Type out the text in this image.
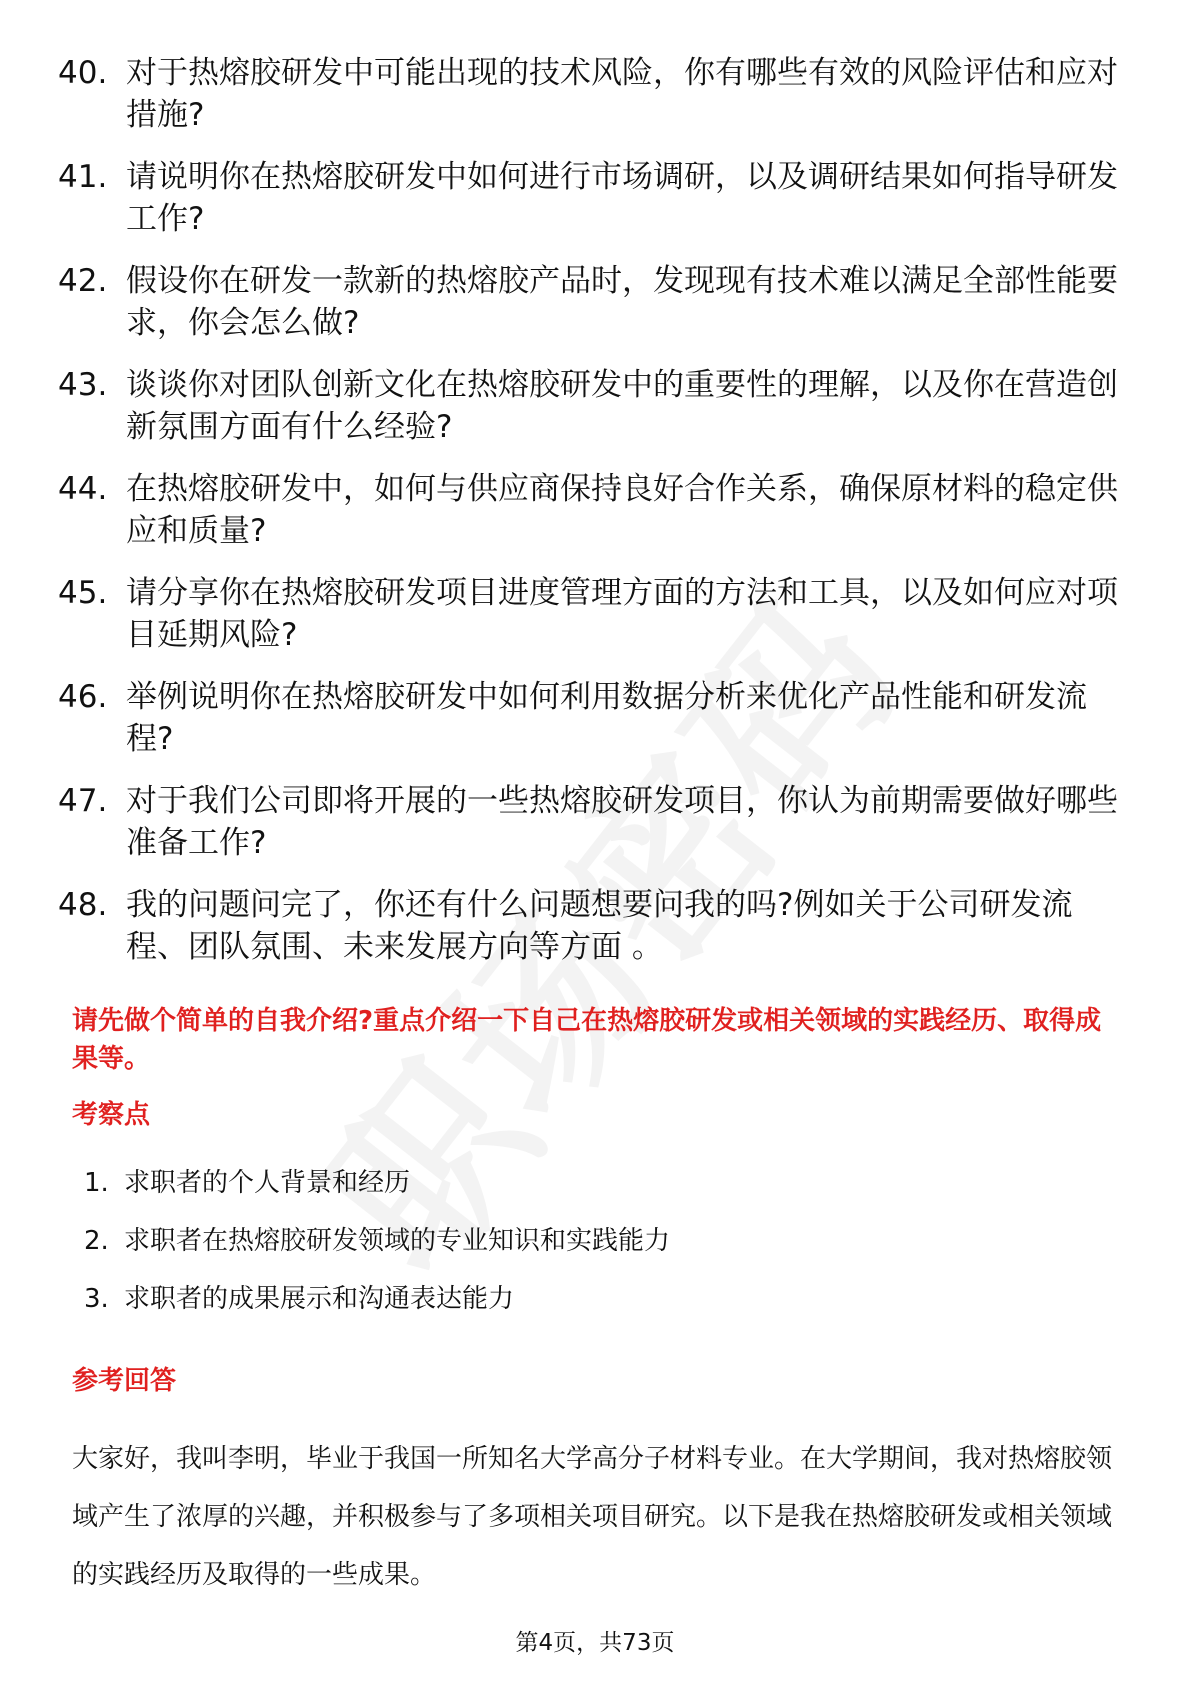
40. 对于热熔胶研发中可能出现的技术风险，你有哪些有效的风险评估和应对措施?
41. 请说明你在热熔胶研发中如何进行市场调研，以及调研结果如何指导研发工作?
42. 假设你在研发一款新的热熔胶产品时，发现现有技术难以满足全部性能要求，你会怎么做?
43. 谈谈你对团队创新文化在热熔胶研发中的重要性的理解，以及你在营造创新氛围方面有什么经验?
44. 在热熔胶研发中，如何与供应商保持良好合作关系，确保原材料的稳定供应和质量?
45. 请分享你在热熔胶研发项目进度管理方面的方法和工具，以及如何应对项目延期风险?
46. 举例说明你在热熔胶研发中如何利用数据分析来优化产品性能和研发流程?
47. 对于我们公司即将开展的一些热熔胶研发项目，你认为前期需要做好哪些准备工作?
48. 我的问题问完了，你还有什么问题想要问我的吗?例如关于公司研发流程、团队氛围、未来发展方向等方面 。
请先做个简单的自我介绍?重点介绍一下自己在热熔胶研发或相关领域的实践经历、取得成果等。
考察点
1. 求职者的个人背景和经历
2. 求职者在热熔胶研发领域的专业知识和实践能力
3. 求职者的成果展示和沟通表达能力
参考回答
大家好，我叫李明，毕业于我国一所知名大学高分子材料专业。在大学期间，我对热熔胶领域产生了浓厚的兴趣，并积极参与了多项相关项目研究。以下是我在热熔胶研发或相关领域的实践经历及取得的一些成果。
第4页，共73页
